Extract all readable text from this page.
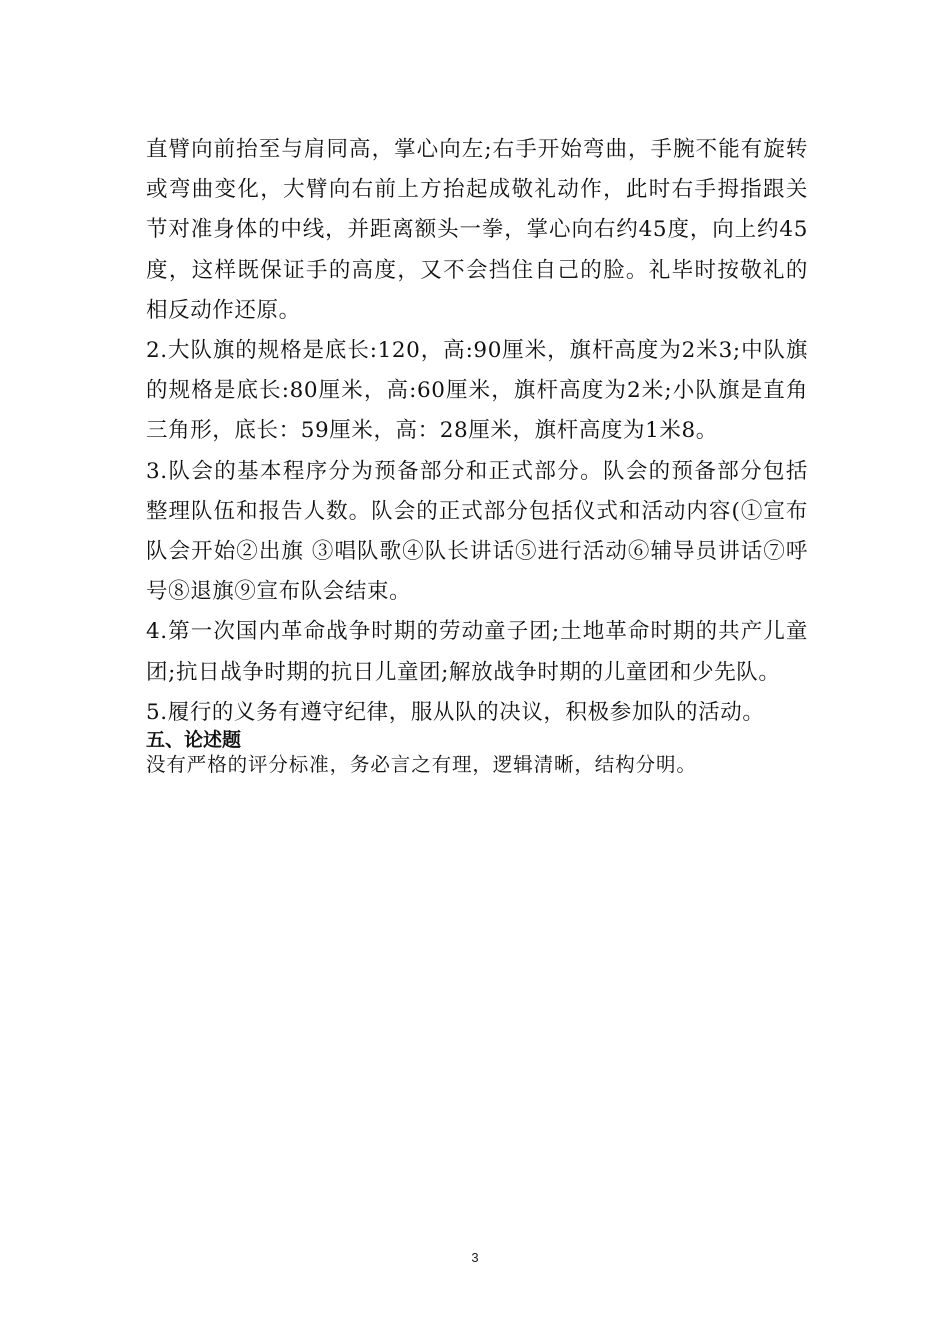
直臂向前抬至与肩同高，掌心向左;右手开始弯曲，手腕不能有旋转或弯曲变化，大臂向右前上方抬起成敬礼动作，此时右手拇指跟关节对准身体的中线，并距离额头一拳，掌心向右约45度，向上约45度，这样既保证手的高度，又不会挡住自己的脸。礼毕时按敬礼的相反动作还原。

2.大队旗的规格是底长:120，高:90厘米，旗杆高度为2米3;中队旗的规格是底长:80厘米，高:60厘米，旗杆高度为2米;小队旗是直角三角形，底长：59厘米，高：28厘米，旗杆高度为1米8。

3.队会的基本程序分为预备部分和正式部分。队会的预备部分包括整理队伍和报告人数。队会的正式部分包括仪式和活动内容(①宣布队会开始②出旗 ③唱队歌④队长讲话⑤进行活动⑥辅导员讲话⑦呼号⑧退旗⑨宣布队会结束。

4.第一次国内革命战争时期的劳动童子团;土地革命时期的共产儿童团;抗日战争时期的抗日儿童团;解放战争时期的儿童团和少先队。

5.履行的义务有遵守纪律，服从队的决议，积极参加队的活动。

五、论述题

没有严格的评分标准，务必言之有理，逻辑清晰，结构分明。

3
